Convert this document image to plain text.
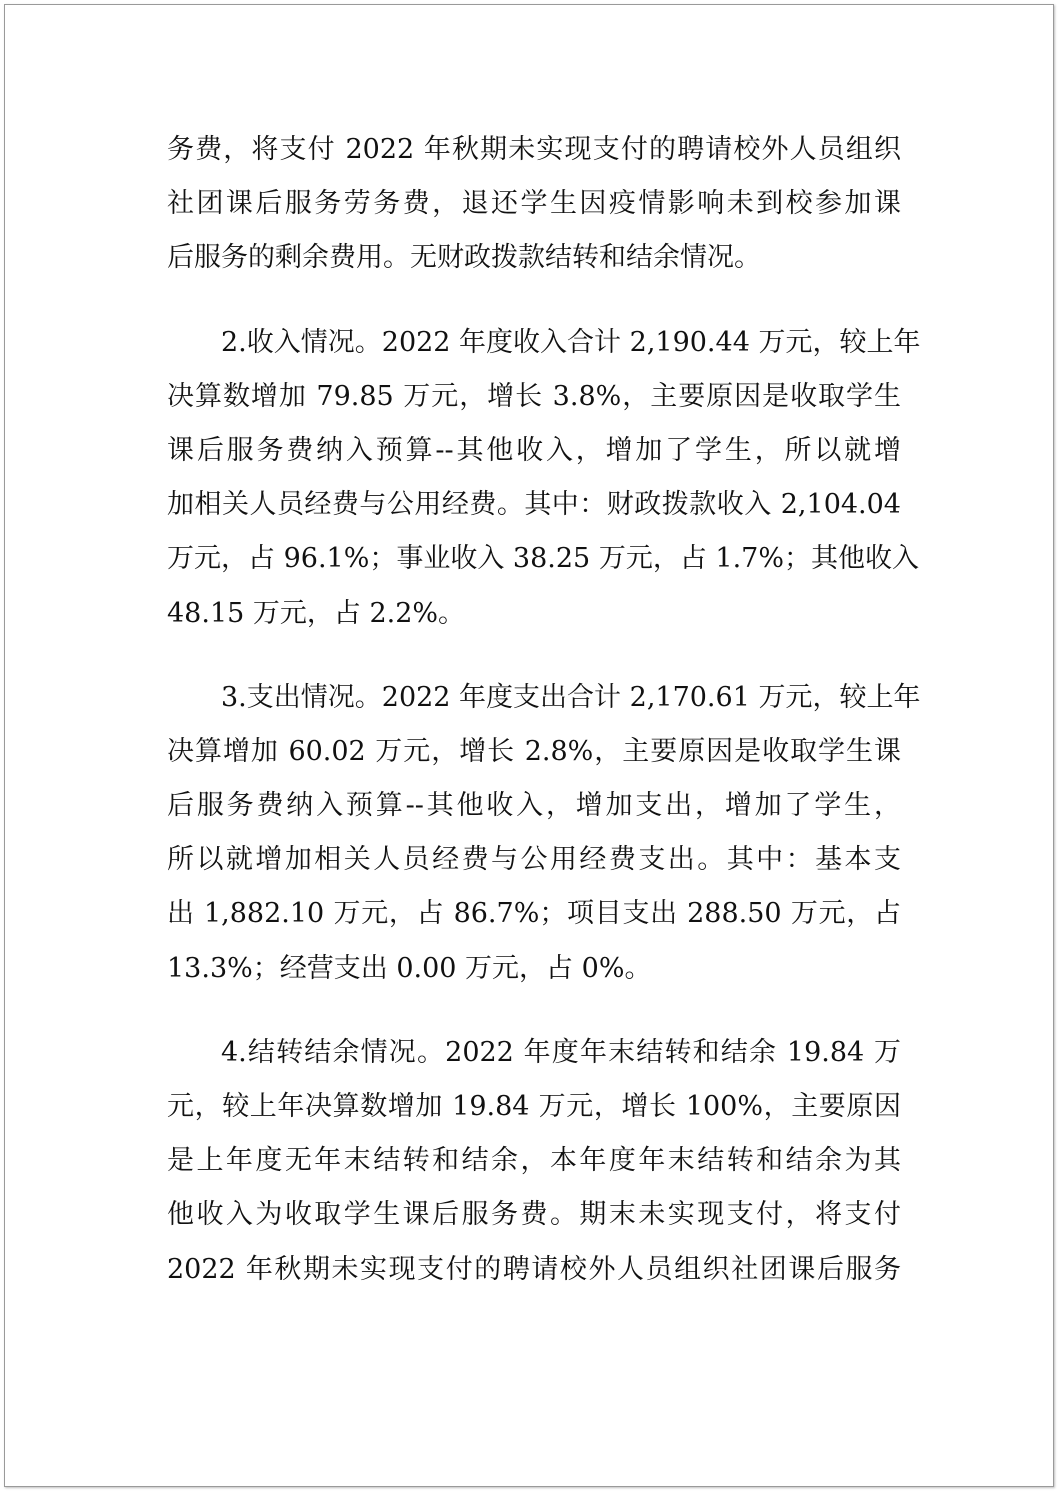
务费，将支付 2022 年秋期未实现支付的聘请校外人员组织
社团课后服务劳务费，退还学生因疫情影响未到校参加课
后服务的剩余费用。无财政拨款结转和结余情况。
2.收入情况。2022 年度收入合计 2,190.44 万元，较上年
决算数增加 79.85 万元，增长 3.8%，主要原因是收取学生
课后服务费纳入预算--其他收入，增加了学生，所以就增
加相关人员经费与公用经费。其中：财政拨款收入 2,104.04
万元，占 96.1%；事业收入 38.25 万元，占 1.7%；其他收入
48.15 万元，占 2.2%。
3.支出情况。2022 年度支出合计 2,170.61 万元，较上年
决算增加 60.02 万元，增长 2.8%，主要原因是收取学生课
后服务费纳入预算--其他收入，增加支出，增加了学生，
所以就增加相关人员经费与公用经费支出。其中：基本支
出 1,882.10 万元，占 86.7%；项目支出 288.50 万元，占
13.3%；经营支出 0.00 万元，占 0%。
4.结转结余情况。2022 年度年末结转和结余 19.84 万
元，较上年决算数增加 19.84 万元，增长 100%，主要原因
是上年度无年末结转和结余，本年度年末结转和结余为其
他收入为收取学生课后服务费。期末未实现支付，将支付
2022 年秋期未实现支付的聘请校外人员组织社团课后服务
